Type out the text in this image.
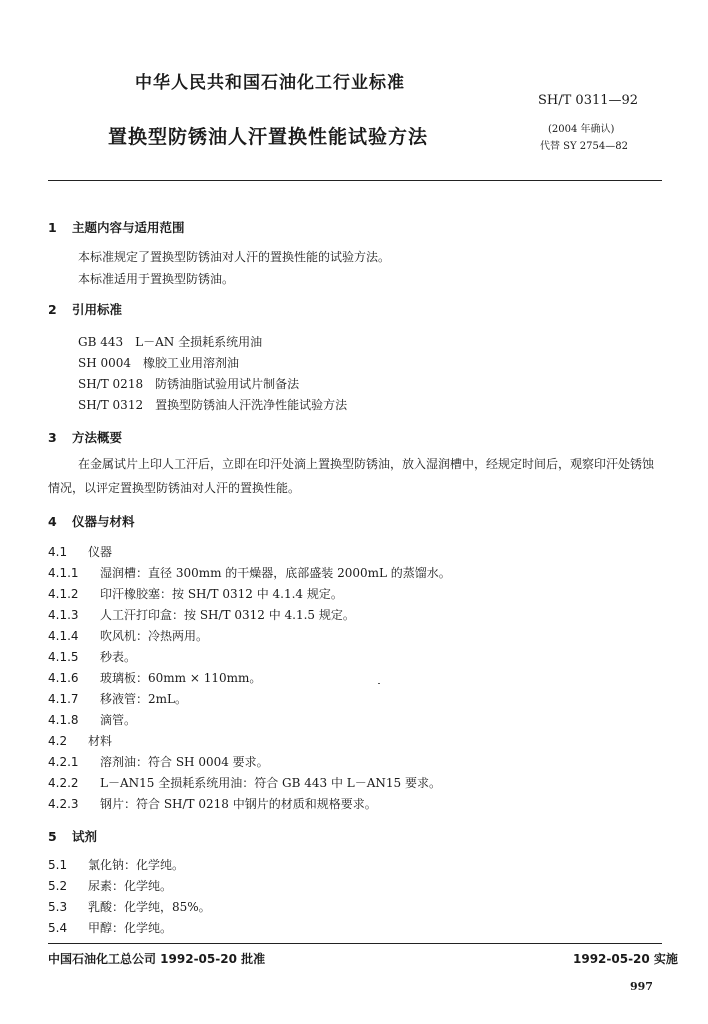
中华人民共和国石油化工行业标准
SH/T 0311—92
置换型防锈油人汗置换性能试验方法	(2004 年确认)
代替 SY 2754—82
1 主题内容与适用范围
本标准规定了置换型防锈油对人汗的置换性能的试验方法。
本标准适用于置换型防锈油。
2 引用标准
GB 443　L－AN 全损耗系统用油
SH 0004　橡胶工业用溶剂油
SH/T 0218　防锈油脂试验用试片制备法
SH/T 0312　置换型防锈油人汗洗净性能试验方法
3 方法概要
在金属试片上印人工汗后，立即在印汗处滴上置换型防锈油，放入湿润槽中，经规定时间后，观察印汗处锈蚀情况，以评定置换型防锈油对人汗的置换性能。
4 仪器与材料
4.1 仪器
4.1.1 湿润槽：直径 300mm 的干燥器，底部盛装 2000mL 的蒸馏水。
4.1.2 印汗橡胶塞：按 SH/T 0312 中 4.1.4 规定。
4.1.3 人工汗打印盒：按 SH/T 0312 中 4.1.5 规定。
4.1.4 吹风机：冷热两用。
4.1.5 秒表。
4.1.6 玻璃板：60mm × 110mm。
4.1.7 移液管：2mL。
4.1.8 滴管。
4.2 材料
4.2.1 溶剂油：符合 SH 0004 要求。
4.2.2 L－AN15 全损耗系统用油：符合 GB 443 中 L－AN15 要求。
4.2.3 钢片：符合 SH/T 0218 中钢片的材质和规格要求。
5 试剂
5.1 氯化钠：化学纯。
5.2 尿素：化学纯。
5.3 乳酸：化学纯，85%。
5.4 甲醇：化学纯。
中国石油化工总公司 1992-05-20 批准	1992-05-20 实施
997
